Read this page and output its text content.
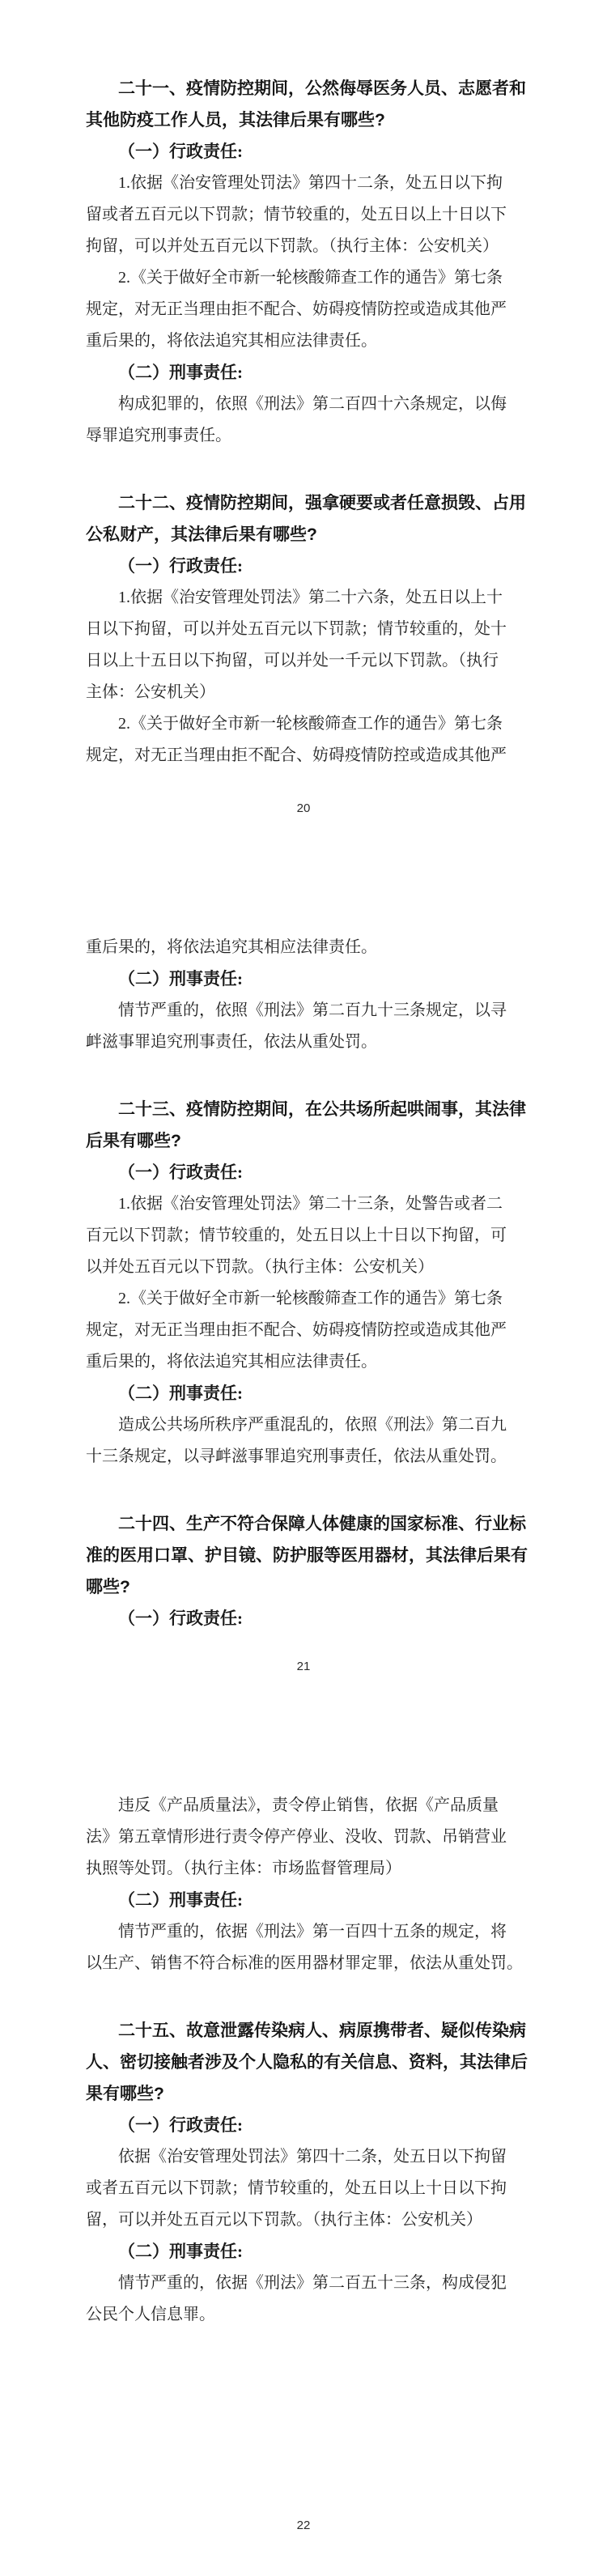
二十一、疫情防控期间，公然侮辱医务人员、志愿者和
其他防疫工作人员，其法律后果有哪些?
（一）行政责任:
1.依据《治安管理处罚法》第四十二条，处五日以下拘
留或者五百元以下罚款；情节较重的，处五日以上十日以下
拘留，可以并处五百元以下罚款。（执行主体：公安机关）
2.《关于做好全市新一轮核酸筛查工作的通告》第七条
规定，对无正当理由拒不配合、妨碍疫情防控或造成其他严
重后果的，将依法追究其相应法律责任。
（二）刑事责任:
构成犯罪的，依照《刑法》第二百四十六条规定，以侮
辱罪追究刑事责任。
二十二、疫情防控期间，强拿硬要或者任意损毁、占用
公私财产，其法律后果有哪些?
（一）行政责任:
1.依据《治安管理处罚法》第二十六条，处五日以上十
日以下拘留，可以并处五百元以下罚款；情节较重的，处十
日以上十五日以下拘留，可以并处一千元以下罚款。（执行
主体：公安机关）
2.《关于做好全市新一轮核酸筛查工作的通告》第七条
规定，对无正当理由拒不配合、妨碍疫情防控或造成其他严
20
重后果的，将依法追究其相应法律责任。
（二）刑事责任:
情节严重的，依照《刑法》第二百九十三条规定，以寻
衅滋事罪追究刑事责任，依法从重处罚。
二十三、疫情防控期间，在公共场所起哄闹事，其法律
后果有哪些?
（一）行政责任:
1.依据《治安管理处罚法》第二十三条，处警告或者二
百元以下罚款；情节较重的，处五日以上十日以下拘留，可
以并处五百元以下罚款。（执行主体：公安机关）
2.《关于做好全市新一轮核酸筛查工作的通告》第七条
规定，对无正当理由拒不配合、妨碍疫情防控或造成其他严
重后果的，将依法追究其相应法律责任。
（二）刑事责任:
造成公共场所秩序严重混乱的，依照《刑法》第二百九
十三条规定，以寻衅滋事罪追究刑事责任，依法从重处罚。
二十四、生产不符合保障人体健康的国家标准、行业标
准的医用口罩、护目镜、防护服等医用器材，其法律后果有
哪些?
（一）行政责任:
21
违反《产品质量法》，责令停止销售，依据《产品质量
法》第五章情形进行责令停产停业、没收、罚款、吊销营业
执照等处罚。（执行主体：市场监督管理局）
（二）刑事责任:
情节严重的，依据《刑法》第一百四十五条的规定，将
以生产、销售不符合标准的医用器材罪定罪，依法从重处罚。
二十五、故意泄露传染病人、病原携带者、疑似传染病
人、密切接触者涉及个人隐私的有关信息、资料，其法律后
果有哪些?
（一）行政责任:
依据《治安管理处罚法》第四十二条，处五日以下拘留
或者五百元以下罚款；情节较重的，处五日以上十日以下拘
留，可以并处五百元以下罚款。（执行主体：公安机关）
（二）刑事责任:
情节严重的，依据《刑法》第二百五十三条，构成侵犯
公民个人信息罪。
22
